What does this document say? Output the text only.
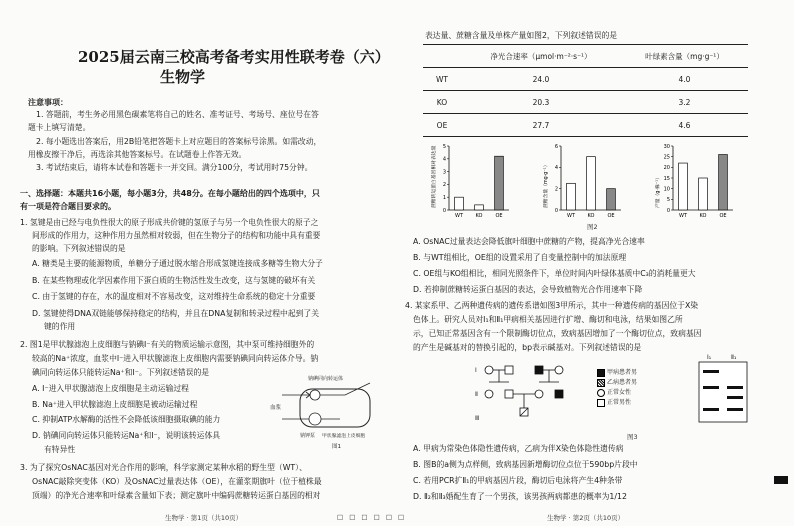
2025届云南三校高考备考实用性联考卷（六）
生物学
注意事项：
1. 答题前，考生务必用黑色碳素笔将自己的姓名、准考证号、考场号、座位号在答
题卡上填写清楚。
2. 每小题选出答案后，用2B铅笔把答题卡上对应题目的答案标号涂黑。如需改动，
用橡皮擦干净后，再选涂其他答案标号。在试题卷上作答无效。
3. 考试结束后，请将本试卷和答题卡一并交回。满分100分，考试用时75分钟。
一、选择题：本题共16小题，每小题3分，共48分。在每小题给出的四个选项中，只
有一项是符合题目要求的。
1. 氢键是由已经与电负性很大的原子形成共价键的氢原子与另一个电负性很大的原子之
间形成的作用力，这种作用力虽然相对较弱，但在生物分子的结构和功能中具有重要
的影响。下列叙述错误的是
A. 糖类是主要的能源物质，单糖分子通过脱水缩合形成氢键连接成多糖等生物大分子
B. 在某些物理或化学因素作用下蛋白质的生物活性发生改变，这与氢键的破坏有关
C. 由于氢键的存在，水的温度相对不容易改变，这对维持生命系统的稳定十分重要
D. 氢键使得DNA双链能够保持稳定的结构，并且在DNA复制和转录过程中起到了关
键的作用
2. 图1是甲状腺滤泡上皮细胞与钠碘I⁻有关的物质运输示意图，其中泵可维持细胞外的
较高的Na⁺浓度，血浆中I⁻进入甲状腺滤泡上皮细胞内需要钠碘同向转运体介导。钠
碘同向转运体只能转运Na⁺和I⁻。下列叙述错误的是
A. I⁻进入甲状腺滤泡上皮细胞是主动运输过程
B. Na⁺进入甲状腺滤泡上皮细胞是被动运输过程
C. 抑制ATP水解酶的活性不会降低该细胞摄取碘的能力
D. 钠碘同向转运体只能转运Na⁺和I⁻，说明该转运体具
有特异性
钠碘同向转运体
血浆
甲状腺滤泡上皮细胞
钠钾泵
图1
3. 为了探究OsNAC基因对光合作用的影响，科学家测定某种水稻的野生型（WT）、
OsNAC敲除突变体（KO）及OsNAC过量表达体（OE），在灌浆期旗叶（位于植株最
顶端）的净光合速率和叶绿素含量如下表；测定旗叶中编码蔗糖转运蛋白基因的相对
生物学 · 第1页（共10页）
表达量、蔗糖含量及单株产量如图2，下列叙述错误的是
	净光合速率（μmol·m⁻²·s⁻¹）	叶绿素含量（mg·g⁻¹）
WT	24.0	4.0
KO	20.3	3.2
OE	27.7	4.6
0
1
2
3
4
5
蔗糖转运蛋白基因相对表达量
WT	KO	OE
0
2
4
6
蔗糖含量（mg·g⁻¹）
WT	KO	OE
0
5
10
15
20
25
30
产量（g·株⁻¹）
WT	KO	OE
图2
A. OsNAC过量表达会降低旗叶细胞中蔗糖的产物，提高净光合速率
B. 与WT组相比，OE组的设置采用了自变量控制中的加法原理
C. OE组与KO组相比，相同光照条件下，单位时间内叶绿体基质中C₃的消耗量更大
D. 若抑制蔗糖转运蛋白基因的表达，会导致植物光合作用速率下降
4. 某家系甲、乙两种遗传病的遗传系谱如图3甲所示，其中一种遗传病的基因位于X染
色体上。研究人员对Ⅰ₁和Ⅱ₁甲病相关基因进行扩增、酶切和电泳，结果如图乙所
示，已知正常基因含有一个限制酶切位点，致病基因增加了一个酶切位点，致病基因
的产生是碱基对的替换引起的，bp表示碱基对。下列叙述错误的是
Ⅰ
Ⅱ
Ⅲ
甲病患者男
乙病患者男
正常女性
正常男性
Ⅰ₁	Ⅱ₁
图3
A. 甲病为常染色体隐性遗传病，乙病为伴X染色体隐性遗传病
B. 图B的a侧为点样侧，致病基因新增酶切位点位于590bp片段中
C. 若用PCR扩Ⅱ₁的甲病基因片段，酶切后电泳将产生4种条带
D. Ⅱ₂和Ⅱ₃婚配生育了一个男孩，该男孩两病都患的概率为1/12
□ □ □ □ □ □	生物学 · 第2页（共10页）
